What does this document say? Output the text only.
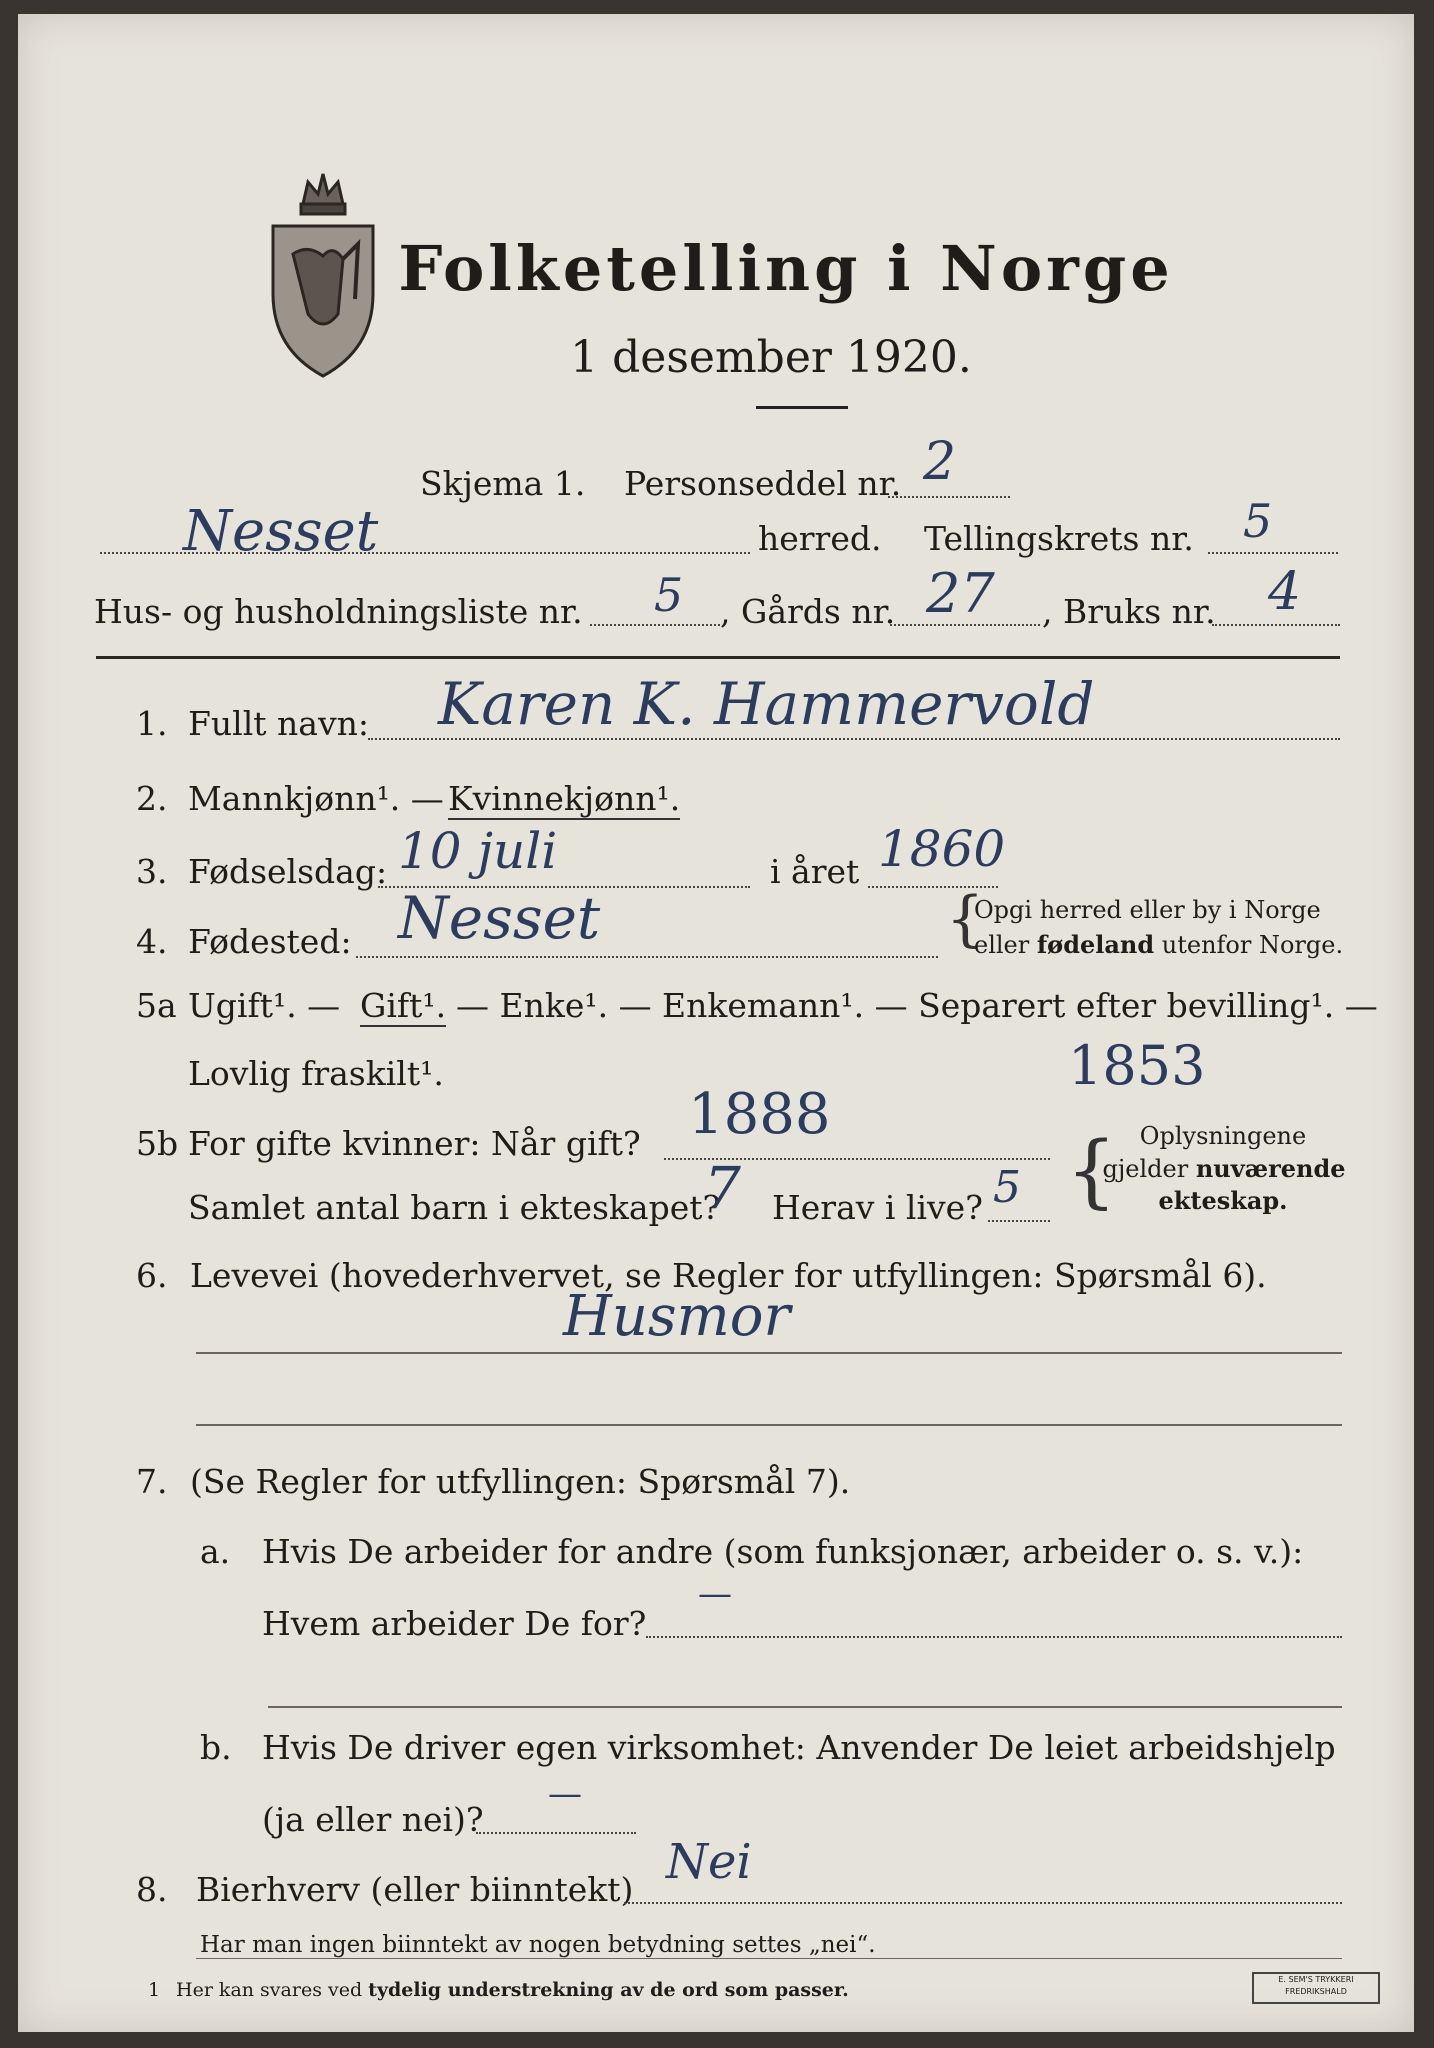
Folketelling i Norge
1 desember 1920.
Skjema 1. Personseddel nr. 2
Nesset	herred. Tellingskrets nr. 5
Hus- og husholdningsliste nr. 5 , Gårds nr. 27 , Bruks nr. 4
1. Fullt navn: Karen K. Hammervold
2. Mannkjønn¹. — Kvinnekjønn¹.
3. Fødselsdag: 10 juli	i året 1860
4. Fødested: Nesset	{
Opgi herred eller by i Norge
eller fødeland utenfor Norge.
5a Ugift¹. — Gift¹. — Enke¹. — Enkemann¹. — Separert efter bevilling¹. —
Lovlig fraskilt¹.	1853
5b For gifte kvinner: Når gift? 1888
Samlet antal barn i ekteskapet?
7 Herav i live? 5 { Oplysningene
gjelder nuværende
ekteskap.
6. Levevei (hovederhvervet, se Regler for utfyllingen: Spørsmål 6).
Husmor
7. (Se Regler for utfyllingen: Spørsmål 7).
a. Hvis De arbeider for andre (som funksjonær, arbeider o. s. v.):
Hvem arbeider De for?
—
b. Hvis De driver egen virksomhet: Anvender De leiet arbeidshjelp
(ja eller nei)?
—
8. Bierhverv (eller biinntekt) Nei
Har man ingen biinntekt av nogen betydning settes „nei“.
1 Her kan svares ved tydelig understrekning av de ord som passer.	E. SEM'S TRYKKERI
FREDRIKSHALD
